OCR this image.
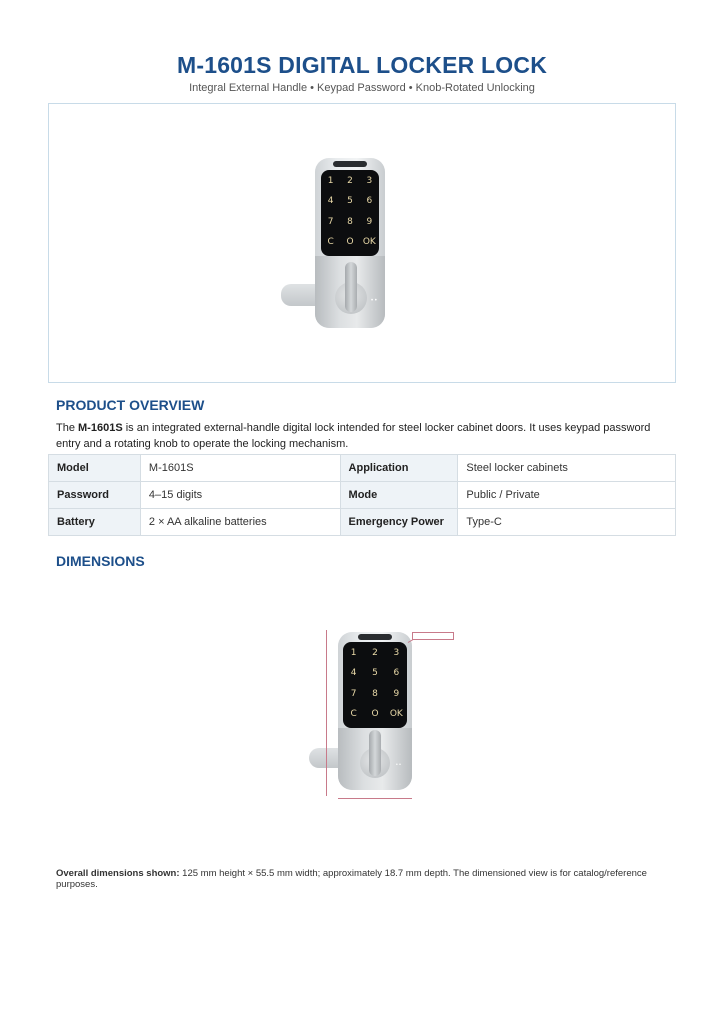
M-1601S DIGITAL LOCKER LOCK
Integral External Handle • Keypad Password • Knob-Rotated Unlocking
• •
1	2	3
4	5	6
7	8	9
C	O	OK
PRODUCT OVERVIEW
The M-1601S is an integrated external-handle digital lock intended for steel locker cabinet doors. It uses keypad password entry and a rotating knob to operate the locking mechanism.
Model	M-1601S	Application	Steel locker cabinets
Password	4–15 digits	Mode	Public / Private
Battery	2 × AA alkaline batteries	Emergency Power	Type-C
DIMENSIONS
• •
1	2	3
4	5	6
7	8	9
C	O	OK
Overall dimensions shown: 125 mm height × 55.5 mm width; approximately 18.7 mm depth. The dimensioned view is for catalog/reference purposes.
